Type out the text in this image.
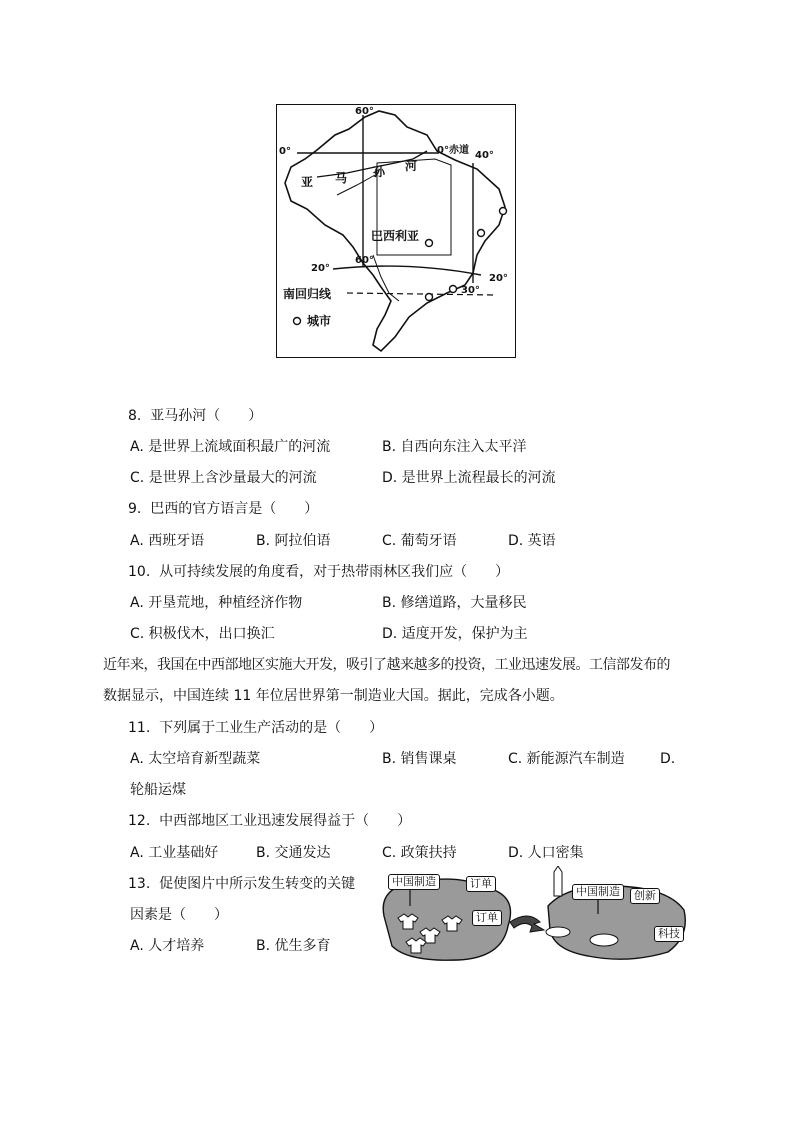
60°
0°	0°赤道 40°
亚 马 孙 河
巴西利亚
60°
20°
20°
南回归线	30°
城市
8. 亚马孙河（　　）
A. 是世界上流域面积最广的河流	B. 自西向东注入太平洋
C. 是世界上含沙量最大的河流	D. 是世界上流程最长的河流
9. 巴西的官方语言是（　　）
A. 西班牙语	B. 阿拉伯语	C. 葡萄牙语	D. 英语
10. 从可持续发展的角度看，对于热带雨林区我们应（　　）
A. 开垦荒地，种植经济作物	B. 修缮道路，大量移民
C. 积极伐木，出口换汇	D. 适度开发，保护为主
近年来，我国在中西部地区实施大开发，吸引了越来越多的投资，工业迅速发展。工信部发布的
数据显示，中国连续 11 年位居世界第一制造业大国。据此，完成各小题。
11. 下列属于工业生产活动的是（　　）
A. 太空培育新型蔬菜	B. 销售课桌	C. 新能源汽车制造	D.
轮船运煤
12. 中西部地区工业迅速发展得益于（　　）
A. 工业基础好	B. 交通发达	C. 政策扶持	D. 人口密集
13. 促使图片中所示发生转变的关键
因素是（　　）
A. 人才培养	B. 优生多育
中国制造	订单
订单
中国制造	创新
科技
